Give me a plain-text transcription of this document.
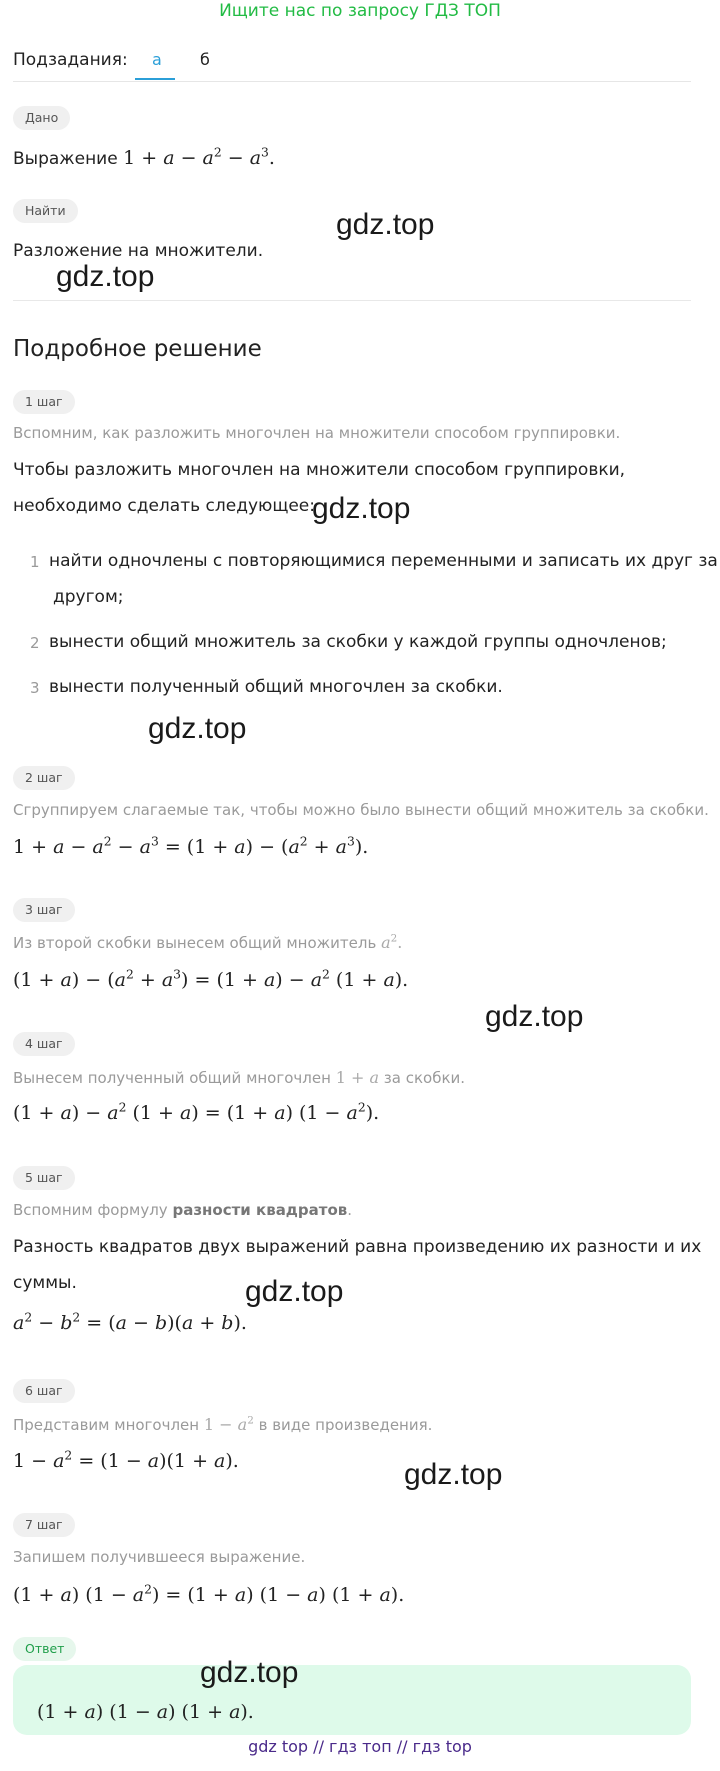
Ищите нас по запросу ГДЗ ТОП
Подзадания: а б
Дано
Выражение $1 + a - a^2 - a^3$.
Найти
Разложение на множители.
Подробное решение
1 шаг
Вспомним, как разложить многочлен на множители способом группировки.
Чтобы разложить многочлен на множители способом группировки,
необходимо сделать следующее:
1 найти одночлены с повторяющимися переменными и записать их друг за
другом;
2 вынести общий множитель за скобки у каждой группы одночленов;
3 вынести полученный общий многочлен за скобки.
2 шаг
Сгруппируем слагаемые так, чтобы можно было вынести общий множитель за скобки.
$1 + a - a^2 - a^3 = (1 + a) - (a^2 + a^3)$.
3 шаг
Из второй скобки вынесем общий множитель $a^2$.
$(1 + a) - (a^2 + a^3) = (1 + a) - a^2$ (1 + a).
4 шаг
Вынесем полученный общий многочлен 1 + a за скобки.
$(1 + a) - a^2$ (1 + a) = (1 + a) $(1 - a^2)$.
5 шаг
Вспомним формулу разности квадратов.
Разность квадратов двух выражений равна произведению их разности и их
суммы.
$a^2 - b^2 = (a - b)(a + b)$.
6 шаг
Представим многочлен $1 - a^2$ в виде произведения.
$1 - a^2 = (1 - a)(1 + a)$.
7 шаг
Запишем получившееся выражение.
(1 + a) $(1 - a^2) = (1 + a)$ (1 − a) (1 + a).
Ответ
(1 + a) (1 − a) (1 + a).
gdz.top
gdz.top
gdz.top
gdz.top
gdz.top
gdz.top
gdz.top
gdz.top
gdz top // гдз топ // гдз top
